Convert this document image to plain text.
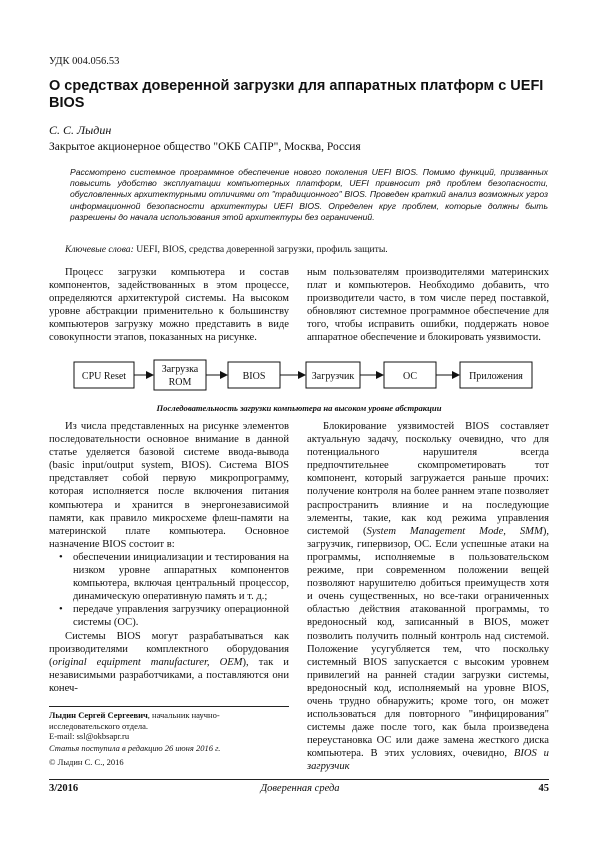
УДК 004.056.53
О средствах доверенной загрузки для аппаратных платформ с UEFI BIOS
С. С. Лыдин
Закрытое акционерное общество "ОКБ САПР", Москва, Россия
Рассмотрено системное программное обеспечение нового поколения UEFI BIOS. Помимо функций, призванных повысить удобство эксплуатации компьютерных платформ, UEFI привносит ряд проблем безопасности, обусловленных архитектурными отличиями от "традиционного" BIOS. Проведен краткий анализ возможных угроз информационной безопасности архитектуры UEFI BIOS. Определен круг проблем, которые должны быть разрешены до начала использования этой архитектуры без ограничений.
Ключевые слова: UEFI, BIOS, средства доверенной загрузки, профиль защиты.

Процесс загрузки компьютера и состав компонентов, задействованных в этом процессе, определяются архитектурой системы. На высоком уровне абстракции применительно к большинству компьютеров загрузку можно представить в виде совокупности этапов, показанных на рисунке.

ным пользователям производителями материнских плат и компьютеров. Необходимо добавить, что производители часто, в том числе перед поставкой, обновляют системное программное обеспечение для того, чтобы исправить ошибки, поддержать новое аппаратное обеспечение и блокировать уязвимости.

CPU Reset
Загрузка
ROM
BIOS	Загрузчик	ОС	Приложения
Последовательность загрузки компьютера на высоком уровне абстракции

Из числа представленных на рисунке элементов последовательности основное внимание в данной статье уделяется базовой системе ввода-вывода (basic input/output system, BIOS). Система BIOS представляет собой первую микропрограмму, которая исполняется после включения питания компьютера и хранится в энергонезависимой памяти, как правило микросхеме флеш-памяти на материнской плате компьютера. Основное назначение BIOS состоит в:

• обеспечении инициализации и тестирования на низком уровне аппаратных компонентов компьютера, включая центральный процессор, динамическую оперативную память и т. д.;
• передаче управления загрузчику операционной системы (ОС).

Системы BIOS могут разрабатываться как производителями комплектного оборудования (original equipment manufacturer, OEM), так и независимыми разработчиками, а поставляются они конеч-

Блокирование уязвимостей BIOS составляет актуальную задачу, поскольку очевидно, что для потенциального нарушителя всегда предпочтительнее скомпрометировать тот компонент, который загружается раньше прочих: получение контроля на более раннем этапе позволяет распространить влияние и на последующие элементы, такие, как код режима управления системой (System Management Mode, SMM), загрузчик, гипервизор, ОС. Если успешные атаки на программы, исполняемые в пользовательском режиме, при современном положении вещей позволяют нарушителю добиться преимуществ хотя и очень существенных, но все-таки ограниченных областью действия атакованной программы, то вредоносный код, записанный в BIOS, может позволить получить полный контроль над системой. Положение усугубляется тем, что поскольку системный BIOS запускается с высоким уровнем привилегий на ранней стадии загрузки системы, вредоносный код, исполняемый на уровне BIOS, очень трудно обнаружить; кроме того, он может использоваться для повторного "инфицирования" системы даже после того, как была произведена переустановка ОС или даже замена жесткого диска компьютера. В этих условиях, очевидно, BIOS и загрузчик

Лыдин Сергей Сергеевич, начальник научно-исследовательского отдела.
E-mail: ssl@okbsapr.ru
Статья поступила в редакцию 26 июня 2016 г.
© Лыдин С. С., 2016
3/2016	Доверенная среда	45
